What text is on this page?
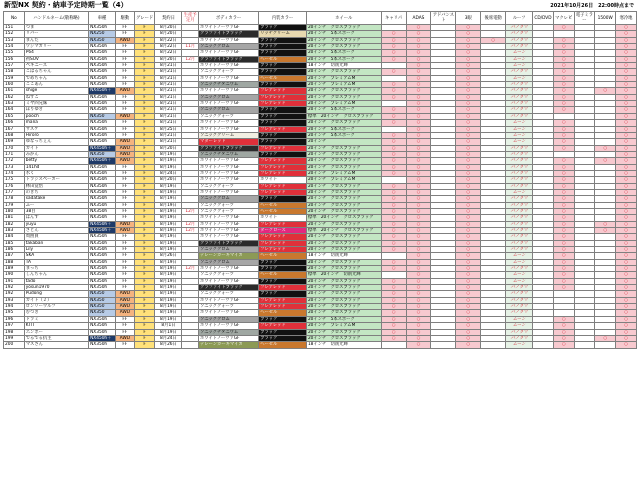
新型NX 契約・納車予定時期一覧（4）	2021年10月26日　22:00時点まで
No	ハンドルネーム(敬称略)	車種	駆動	グレード	契約日	生産予定月	ボディカラー	内装カラー	ホイール	キャリパ	ADAS	アドバンスト	3眼	後席電動	ルーフ	CD/DVD	マクレビ	電子ミラー	1500W	寒冷地
151	つま	NX350h	FF	F	8月20日		ホワイトノーヴァGF	ブラック	20インチ　グロスブラック		○		○		パノラマ		○			○
152	リバー	NX250	FF	F	8月20日		グラファイトブラック	リッチクリーム	20インチ　5本スポーク	○	○		○		パノラマ					○
153	まんた	NX350	AWD	F	8月22日		ホワイトノーヴァGF	ブラック	20インチ　グロスブラック	○	○		○	○	パノラマ		○			○
154	ワジマガリー	NX350h	FF	F	8月22日	11月	ソニッククロム	ブラック	20インチ　グロスブラック	○	○		○		パノラマ		○			○
155	P64	NX350h	FF	F	8月22日		ホワイトノーヴァGF	ブラック	20インチ　5本スポーク	○	○		○		ムーン		○			○
156	初SUV	NX350h	FF	F	8月20日	12月	グラファイトブラック	ヘーゼル	20インチ　5本スポーク	○	○		○		ムーン		○			○
157	ペキニーズ	NX350h	FF	F	8月21日		ホワイトノーヴァGF	ブラック	18インチ　切削光輝		○		○		ムーン		○			○
158	こはるちゃん	NX350h	FF	F	8月21日		ソニッククォーツ	ブラック	20インチ　グロスブラック	○	○		○		パノラマ		○			○
159	でめちゃん	NX350h	FF	F	8月21日		ホワイトノーヴァGF	ヘーゼル	20インチ　プレミアムM		○		○		ムーン		○			○
160	ここあん	NX350h	FF	F	8月21日		ソニックチタニウム	ブラック	20インチ　プレミアムM	○	○		○		パノラマ		○			○
161	shige	NX450h＋	AWD	F	8月21日		ホワイトノーヴァGF	フレアレッド	20インチ　グロスブラック	○	○		○		パノラマ		○		○	○
162	ねずこ	NX350h	FF	F	8月21日		ソニッククロム	フレアレッド	20インチ　グロスブラック	○	○		○		パノラマ		○			○
163	ミヤ四兄妹	NX350h	FF	F	8月21日		ホワイトノーヴァGF	フレアレッド	20インチ　プレミアムM		○		○		パノラマ		○			○
164	ほりゆき	NX350h	FF	F	8月21日		ソニッククロム	ブラック	20インチ　5本スポーク	○	○		○		パノラマ		○			○
165	pooch	NX350	AWD	F	8月21日		ソニッククォーツ	ブラック	標準　20インチ　グロスブラック	○	○		○		パノラマ					○
166	mana	NX350h	FF	F	8月21日		ホワイトノーヴァGF	ブラック	20インチ　グロスブラック	○	○		○		ムーン		○			○
167	サスケ	NX350h	FF	F	8月25日		ホワイトノーヴァGF	フレアレッド	20インチ　5本スポーク		○		○		ムーン		○			○
168	Hiroro	NX350h	FF	F	8月21日		ソニッククリーム	ブラック	20インチ　5本スポーク	○	○		○		ムーン		○			○
169	ゆなっちぇん	NX350h	AWD	F	8月21日		マダーレッド	ブラック	20インチ	○	○		○		ムーン		○			○
170	カイト	NX450h＋	AWD	F	8月20日		グラファイトブラック	フレアレッド	20インチ　グロスブラック	○	○		○		パノラマ		○		○	○
171	みかん	NX350	AWD	F	8月19日		ソニックチタニウム	ブラック	20インチ　グロスブラック	○	○		○		パノラマ					○
172	betty	NX450h＋	AWD	F	8月19日		ホワイトノーヴァGF	フレアレッド	20インチ　グロスブラック	○	○		○		パノラマ		○		○	○
173	141hd	NX350h	FF	F	8月19日		ホワイトノーヴァGF	フレアレッド	20インチ　グロスブラック	○	○		○		パノラマ		○			○
174	水く	NX350h	FF	F	8月24日		ホワイトノーヴァGF	フレアレッド	20インチ　プレミアムM	○	○		○		パノラマ		○			○
175	トラジスペーカー	NX350h	FF	F	8月20日		ホワイトノーヴァGF	ホワイト	20インチ　プレミアムM		○		○		パノラマ		○			○
176	林田覚悟	NX350h	FF	F	8月19日		ソニッククォーツ	フレアレッド	20インチ　グロスブラック	○	○		○		パノラマ		○			○
177	のきち	NX350h	FF	F	8月19日		ホワイトノーヴァGF	フレアレッド	20インチ　グロスブラック	○	○		○		ムーン		○			○
178	sadatake	NX350h	FF	F	8月19日		ソニッククロム	ブラック	20インチ　グロスブラック	○	○		○		パノラマ		○			○
179	ふー	NX350h	FF	F	8月19日		ソニッククォーツ	ヘーゼル	20インチ　グロスブラック	○	○		○		パノラマ		○			○
180	38目	NX350h	FF	F	8月19日	12月	ソニッククォーツ	ヘーゼル	20インチ　グロスブラック	○	○		○		パノラマ		○			○
181	ぱんず	NX350h	FF	F	8月19日		ホワイトノーヴァGF	ホワイト	標準　20インチ　グロスブラック	○	○		○		パノラマ		○			○
182	yuyu	NX450h＋	AWD	F	8月19日	12月	ホワイトノーヴァGF	フレアレッド	20インチ　グロスブラック	○	○		○		パノラマ		○		○	○
183	さとん	NX450h＋	AWD	F	8月19日	12月	ホワイトノーヴァGF	ダークローズ	標準　20インチ　グロスブラック	○	○		○		パノラマ		○		○	○
184	周囲員	NX350h	FF	F	8月19日		ホワイトノーヴァGF	フレアレッド	20インチ　グロスブラック	○	○		○		パノラマ		○			○
185	takaban	NX350h	FF	F	8月19日		グラファイトブラック	フレアレッド	20インチ　グロスブラック	○	○		○		パノラマ		○			○
186	Lily	NX350h	FF	F	8月19日		ソニッククロム	フレアレッド	20インチ　グロスブラック	○	○		○		パノラマ		○			○
187	SKA	NX350h	FF	F	8月26日		テレーンカーキマイカ	ヘーゼル	18インチ　切削光輝		○		○		ムーン		○			○
188	TA	NX350h	FF	F	8月19日		ソニッククロム	ブラック	20インチ　グロスブラック	○	○		○		ムーン		○			○
189	まっち	NX350h	FF	F	8月19日	12月	ホワイトノーヴァGF	ブラック	20インチ　グロスブラック	○	○		○		パノラマ		○			○
190	しんちゃん	NX350h	FF	F	8月19日		ソニッククォーツ	ヘーゼル	標準　20インチ　切削光輝		○		○		ムーン		○			○
191	tado	NX350h	FF	F	8月19日		ホワイトノーヴァGF	ブラック	20インチ　グロスブラック	○	○		○		ムーン		○			○
192	yosun1970	NX350h	FF	F	8月19日		グラファイトブラック	フレアレッド	20インチ　グロスブラック	○	○		○		パノラマ		○			○
192	Pudong	NX350	AWD	F	8月19日		ソニッククォーツ	ブラック	20インチ　グロスブラック	○	○		○		パノラマ					○
193	カイト（２）	NX350	AWD	F	8月19日		ホワイトノーヴァGF	フレアレッド	20インチ　グロスブラック	○	○		○		パノラマ					○
194	ロンリーウルフ	NX350	AWD	F	8月19日		ソニッククォーツ	フレアレッド	20インチ　グロスブラック	○	○		○		パノラマ					○
195	むつき	NX350	AWD	F	8月19日		ホワイトノーヴァGF	ヘーゼル	20インチ　グロスブラック	○	○		○		パノラマ					○
196	ドラミ	NX350h	FF	F	8月19日		ソニッククロム	ブラック	20インチ　5本スポーク	○	○		○		ムーン		○			○
197	KITT	NX350h	FF	F	8月1日		ホワイトノーヴァGF	フレアレッド	20インチ　プレミアムM	○	○		○		ムーン		○			○
198	エンボー	NX350h	FF	F	8月19日		ソニックチタニウム	ブラック	20インチ　グロスブラック	○	○		○		パノラマ		○			○
199	でるでる抗主	NX450h＋	AWD	F	8月24日		ホワイトノーヴァGF	ブラック	20インチ　グロスブラック	○	○		○		パノラマ		○		○	○
200	マスさん	NX350h	FF	F	8月26日		テレーンカーキマイカ	ヘーゼル	18インチ　切削光輝		○		○		ムーン		○			○
